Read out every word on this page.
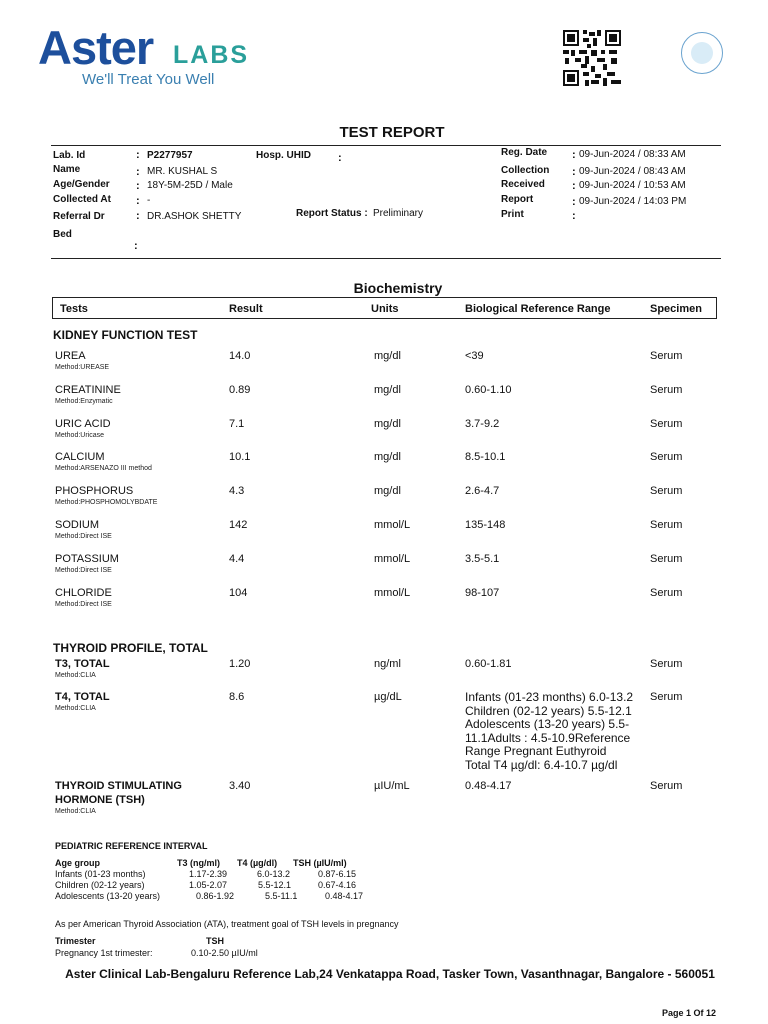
Aster LABS
We'll Treat You Well
TEST REPORT
Lab. Id	: P2277957	Hosp. UHID :
Name	: MR. KUSHAL S
Age/Gender : 18Y-5M-25D / Male
Collected At : -
Referral Dr	: DR.ASHOK SHETTY	Report Status : Preliminary
Bed
:
Reg. Date : 09-Jun-2024 / 08:33 AM
Collection : 09-Jun-2024 / 08:43 AM
Received : 09-Jun-2024 / 10:53 AM
Report	: 09-Jun-2024 / 14:03 PM
Print	:
Biochemistry
Tests	Result	Units	Biological Reference Range	Specimen
KIDNEY FUNCTION TEST
UREA
Method:UREASE
14.0	mg/dl	<39	Serum
CREATININE
Method:Enzymatic
0.89	mg/dl	0.60-1.10	Serum
URIC ACID
Method:Uricase
7.1	mg/dl	3.7-9.2	Serum
CALCIUM
Method:ARSENAZO III method
10.1	mg/dl	8.5-10.1	Serum
PHOSPHORUS
Method:PHOSPHOMOLYBDATE
4.3	mg/dl	2.6-4.7	Serum
SODIUM
Method:Direct ISE
142	mmol/L	135-148	Serum
POTASSIUM
Method:Direct ISE
4.4	mmol/L	3.5-5.1	Serum
CHLORIDE
Method:Direct ISE
104	mmol/L	98-107	Serum
THYROID PROFILE, TOTAL
T3, TOTAL
Method:CLIA
1.20	ng/ml	0.60-1.81	Serum
T4, TOTAL
Method:CLIA
8.6	µg/dL	Infants (01-23 months) 6.0-13.2
Children (02-12 years) 5.5-12.1
Adolescents (13-20 years) 5.5-
11.1Adults : 4.5-10.9Reference
Range Pregnant Euthyroid
Total T4 µg/dl: 6.4-10.7 µg/dl
Serum
THYROID STIMULATING
HORMONE (TSH)
Method:CLIA
3.40	µIU/mL	0.48-4.17	Serum
PEDIATRIC REFERENCE INTERVAL
Age group	T3 (ng/ml) T4 (µg/dl) TSH (µIU/ml)
Infants (01-23 months)	1.17-2.39	6.0-13.2	0.87-6.15
Children (02-12 years)	1.05-2.07	5.5-12.1	0.67-4.16
Adolescents (13-20 years)	0.86-1.92	5.5-11.1	0.48-4.17
As per American Thyroid Association (ATA), treatment goal of TSH levels in pregnancy
Trimester	TSH
Pregnancy 1st trimester:	0.10-2.50 µIU/ml
Aster Clinical Lab-Bengaluru Reference Lab,24 Venkatappa Road, Tasker Town, Vasanthnagar, Bangalore - 560051
Page 1 Of 12
